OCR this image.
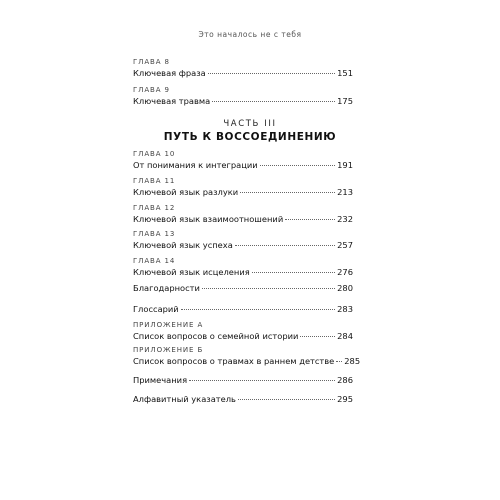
Это началось не с тебя
ГЛАВА 8
Ключевая фраза	151
ГЛАВА 9
Ключевая травма	175
ГЛАВА 10
От понимания к интеграции	191
ГЛАВА 11
Ключевой язык разлуки	213
ГЛАВА 12
Ключевой язык взаимоотношений	232
ГЛАВА 13
Ключевой язык успеха	257
ГЛАВА 14
Ключевой язык исцеления	276
Благодарности	280
Глоссарий	283
ПРИЛОЖЕНИЕ А
Список вопросов о семейной истории	284
ПРИЛОЖЕНИЕ Б
Список вопросов о травмах в раннем детстве 285
Примечания	286
Алфавитный указатель	295
ЧАСТЬ III
ПУТЬ К ВОССОЕДИНЕНИЮ
